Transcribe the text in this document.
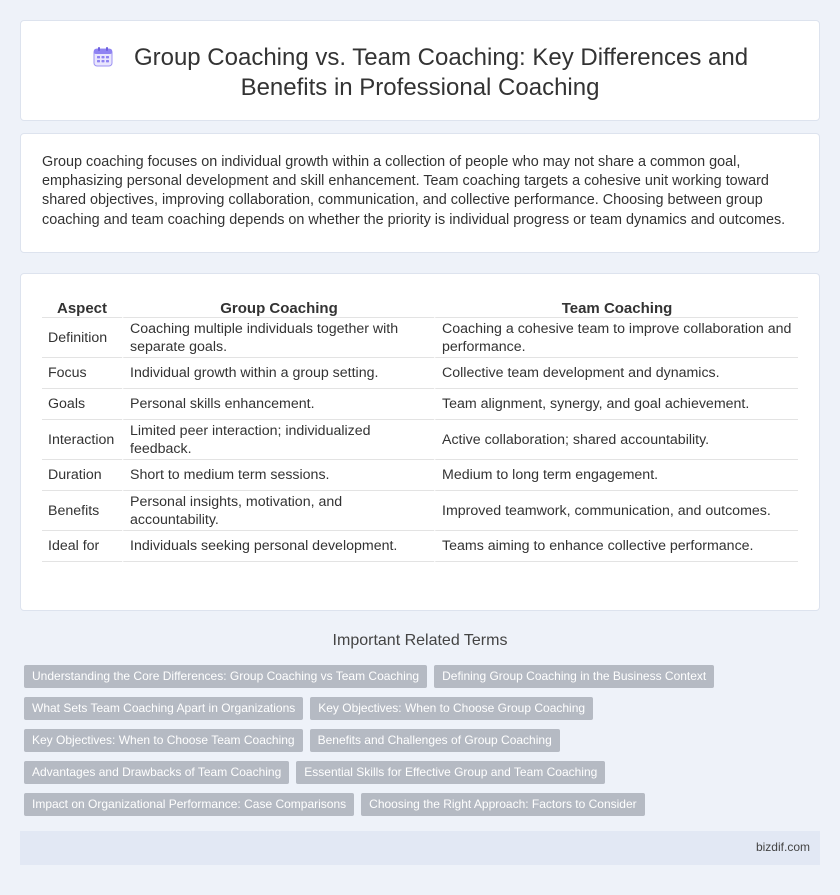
Group Coaching vs. Team Coaching: Key Differences and Benefits in Professional Coaching

Group coaching focuses on individual growth within a collection of people who may not share a common goal, emphasizing personal development and skill enhancement. Team coaching targets a cohesive unit working toward shared objectives, improving collaboration, communication, and collective performance. Choosing between group coaching and team coaching depends on whether the priority is individual progress or team dynamics and outcomes.

Aspect	Group Coaching	Team Coaching
Definition	Coaching multiple individuals together with separate goals.	Coaching a cohesive team to improve collaboration and performance.
Focus	Individual growth within a group setting.	Collective team development and dynamics.
Goals	Personal skills enhancement.	Team alignment, synergy, and goal achievement.
Interaction	Limited peer interaction; individualized feedback.	Active collaboration; shared accountability.
Duration	Short to medium term sessions.	Medium to long term engagement.
Benefits	Personal insights, motivation, and accountability.	Improved teamwork, communication, and outcomes.
Ideal for	Individuals seeking personal development.	Teams aiming to enhance collective performance.
Important Related Terms
Understanding the Core Differences: Group Coaching vs Team Coaching Defining Group Coaching in the Business Context
What Sets Team Coaching Apart in Organizations Key Objectives: When to Choose Group Coaching
Key Objectives: When to Choose Team Coaching Benefits and Challenges of Group Coaching
Advantages and Drawbacks of Team Coaching Essential Skills for Effective Group and Team Coaching
Impact on Organizational Performance: Case Comparisons Choosing the Right Approach: Factors to Consider
bizdif.com
